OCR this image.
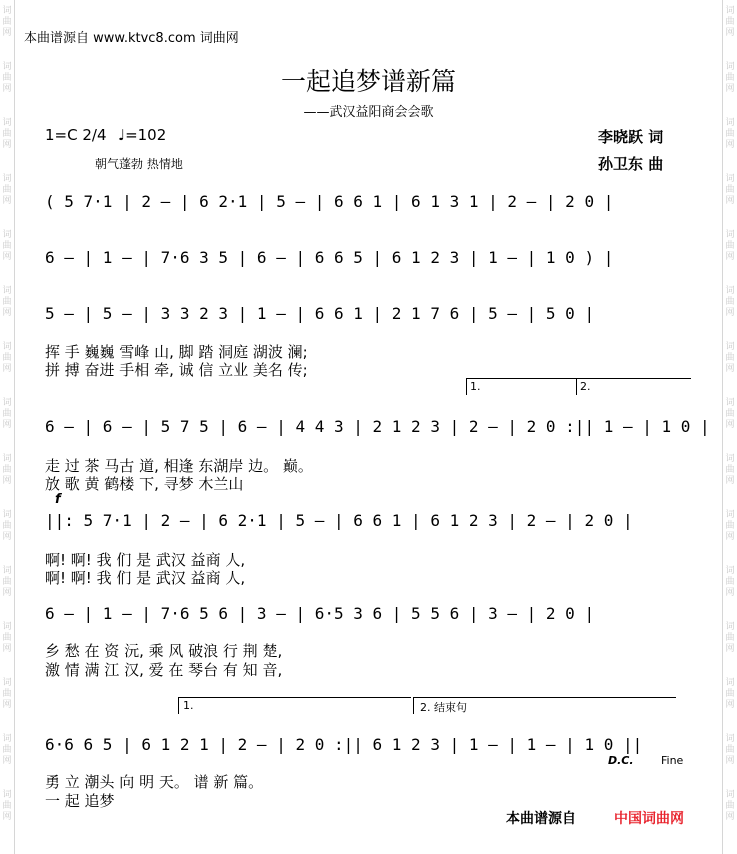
词
曲
网
词
曲
网
词
曲
网
词
曲
网
词
曲
网
词
曲
网
词
曲
网
词
曲
网
词
曲
网
词
曲
网
词
曲
网
词
曲
网
词
曲
网
词
曲
网
词
曲
网
词
曲
网
词
曲
网
词
曲
网
词
曲
网
词
曲
网
词
曲
网
词
曲
网
词
曲
网
词
曲
网
词
曲
网
词
曲
网
词
曲
网
词
曲
网
词
曲
网
词
曲
网
本曲谱源自 www.ktvc8.com 词曲网
一起追梦谱新篇
——武汉益阳商会会歌
1=C 2/4 ♩=102
朝气蓬勃 热情地
李晓跃 词
孙卫东 曲
( 5 7·1 | 2 – | 6 2·1 | 5 – | 6 6 1 | 6 1 3 1 | 2 – | 2 0 |
6 – | 1 – | 7·6 3 5 | 6 – | 6 6 5 | 6 1 2 3 | 1 – | 1 0 ) |
5 – | 5 – | 3 3 2 3 | 1 – | 6 6 1 | 2 1 7 6 | 5 – | 5 0 |
挥 手 巍巍 雪峰 山, 脚 踏 洞庭 湖波 澜;
拼 搏 奋进 手相 牵, 诚 信 立业 美名 传;
1.	2.
6 – | 6 – | 5 7 5 | 6 – | 4 4 3 | 2 1 2 3 | 2 – | 2 0 :|| 1 – | 1 0 |
走 过 茶 马古 道, 相逢 东湖岸 边。 巅。
放 歌 黄 鹤楼 下, 寻梦 木兰山
f
||: 5 7·1 | 2 – | 6 2·1 | 5 – | 6 6 1 | 6 1 2 3 | 2 – | 2 0 |
啊! 啊! 我 们 是 武汉 益商 人,
啊! 啊! 我 们 是 武汉 益商 人,
6 – | 1 – | 7·6 5 6 | 3 – | 6·5 3 6 | 5 5 6 | 3 – | 2 0 |
乡 愁 在 资 沅, 乘 风 破浪 行 荆 楚,
激 情 满 江 汉, 爱 在 琴台 有 知 音,
1.	2. 结束句
6·6 6 5 | 6 1 2 1 | 2 – | 2 0 :|| 6 1 2 3 | 1 – | 1 – | 1 0 ||
D.C. Fine
勇 立 潮头 向 明 天。 谱 新 篇。
一 起 追梦
本曲谱源自	中国词曲网
